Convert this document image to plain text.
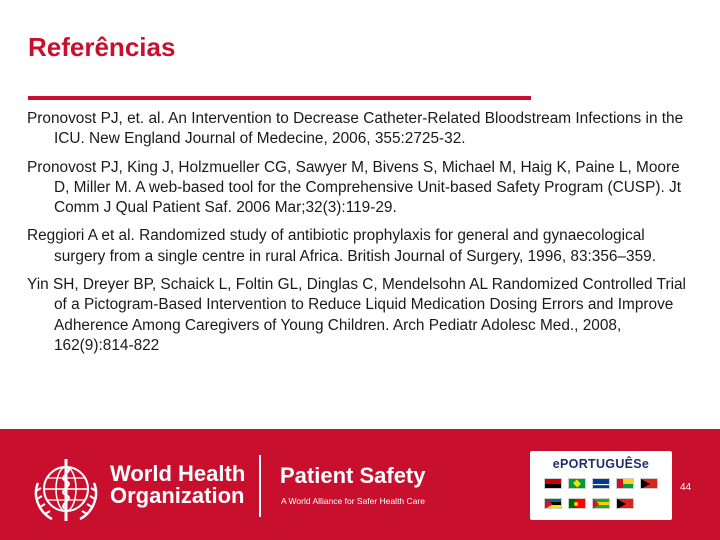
Referências

Pronovost PJ, et. al. An Intervention to Decrease Catheter-Related Bloodstream Infections in the ICU. New England Journal of Medecine, 2006, 355:2725-32.

Pronovost PJ, King J, Holzmueller CG, Sawyer M, Bivens S, Michael M, Haig K, Paine L, Moore D, Miller M. A web-based tool for the Comprehensive Unit-based Safety Program (CUSP). Jt Comm J Qual Patient Saf. 2006 Mar;32(3):119-29.

Reggiori A et al. Randomized study of antibiotic prophylaxis for general and gynaecological surgery from a single centre in rural Africa. British Journal of Surgery, 1996, 83:356–359.

Yin SH, Dreyer BP, Schaick L, Foltin GL, Dinglas C, Mendelsohn AL Randomized Controlled Trial of a Pictogram-Based Intervention to Reduce Liquid Medication Dosing Errors and Improve Adherence Among Caregivers of Young Children. Arch Pediatr Adolesc Med., 2008, 162(9):814-822

World Health
Organization
Patient Safety
A World Alliance for Safer Health Care
ePORTUGUÊSe
44
